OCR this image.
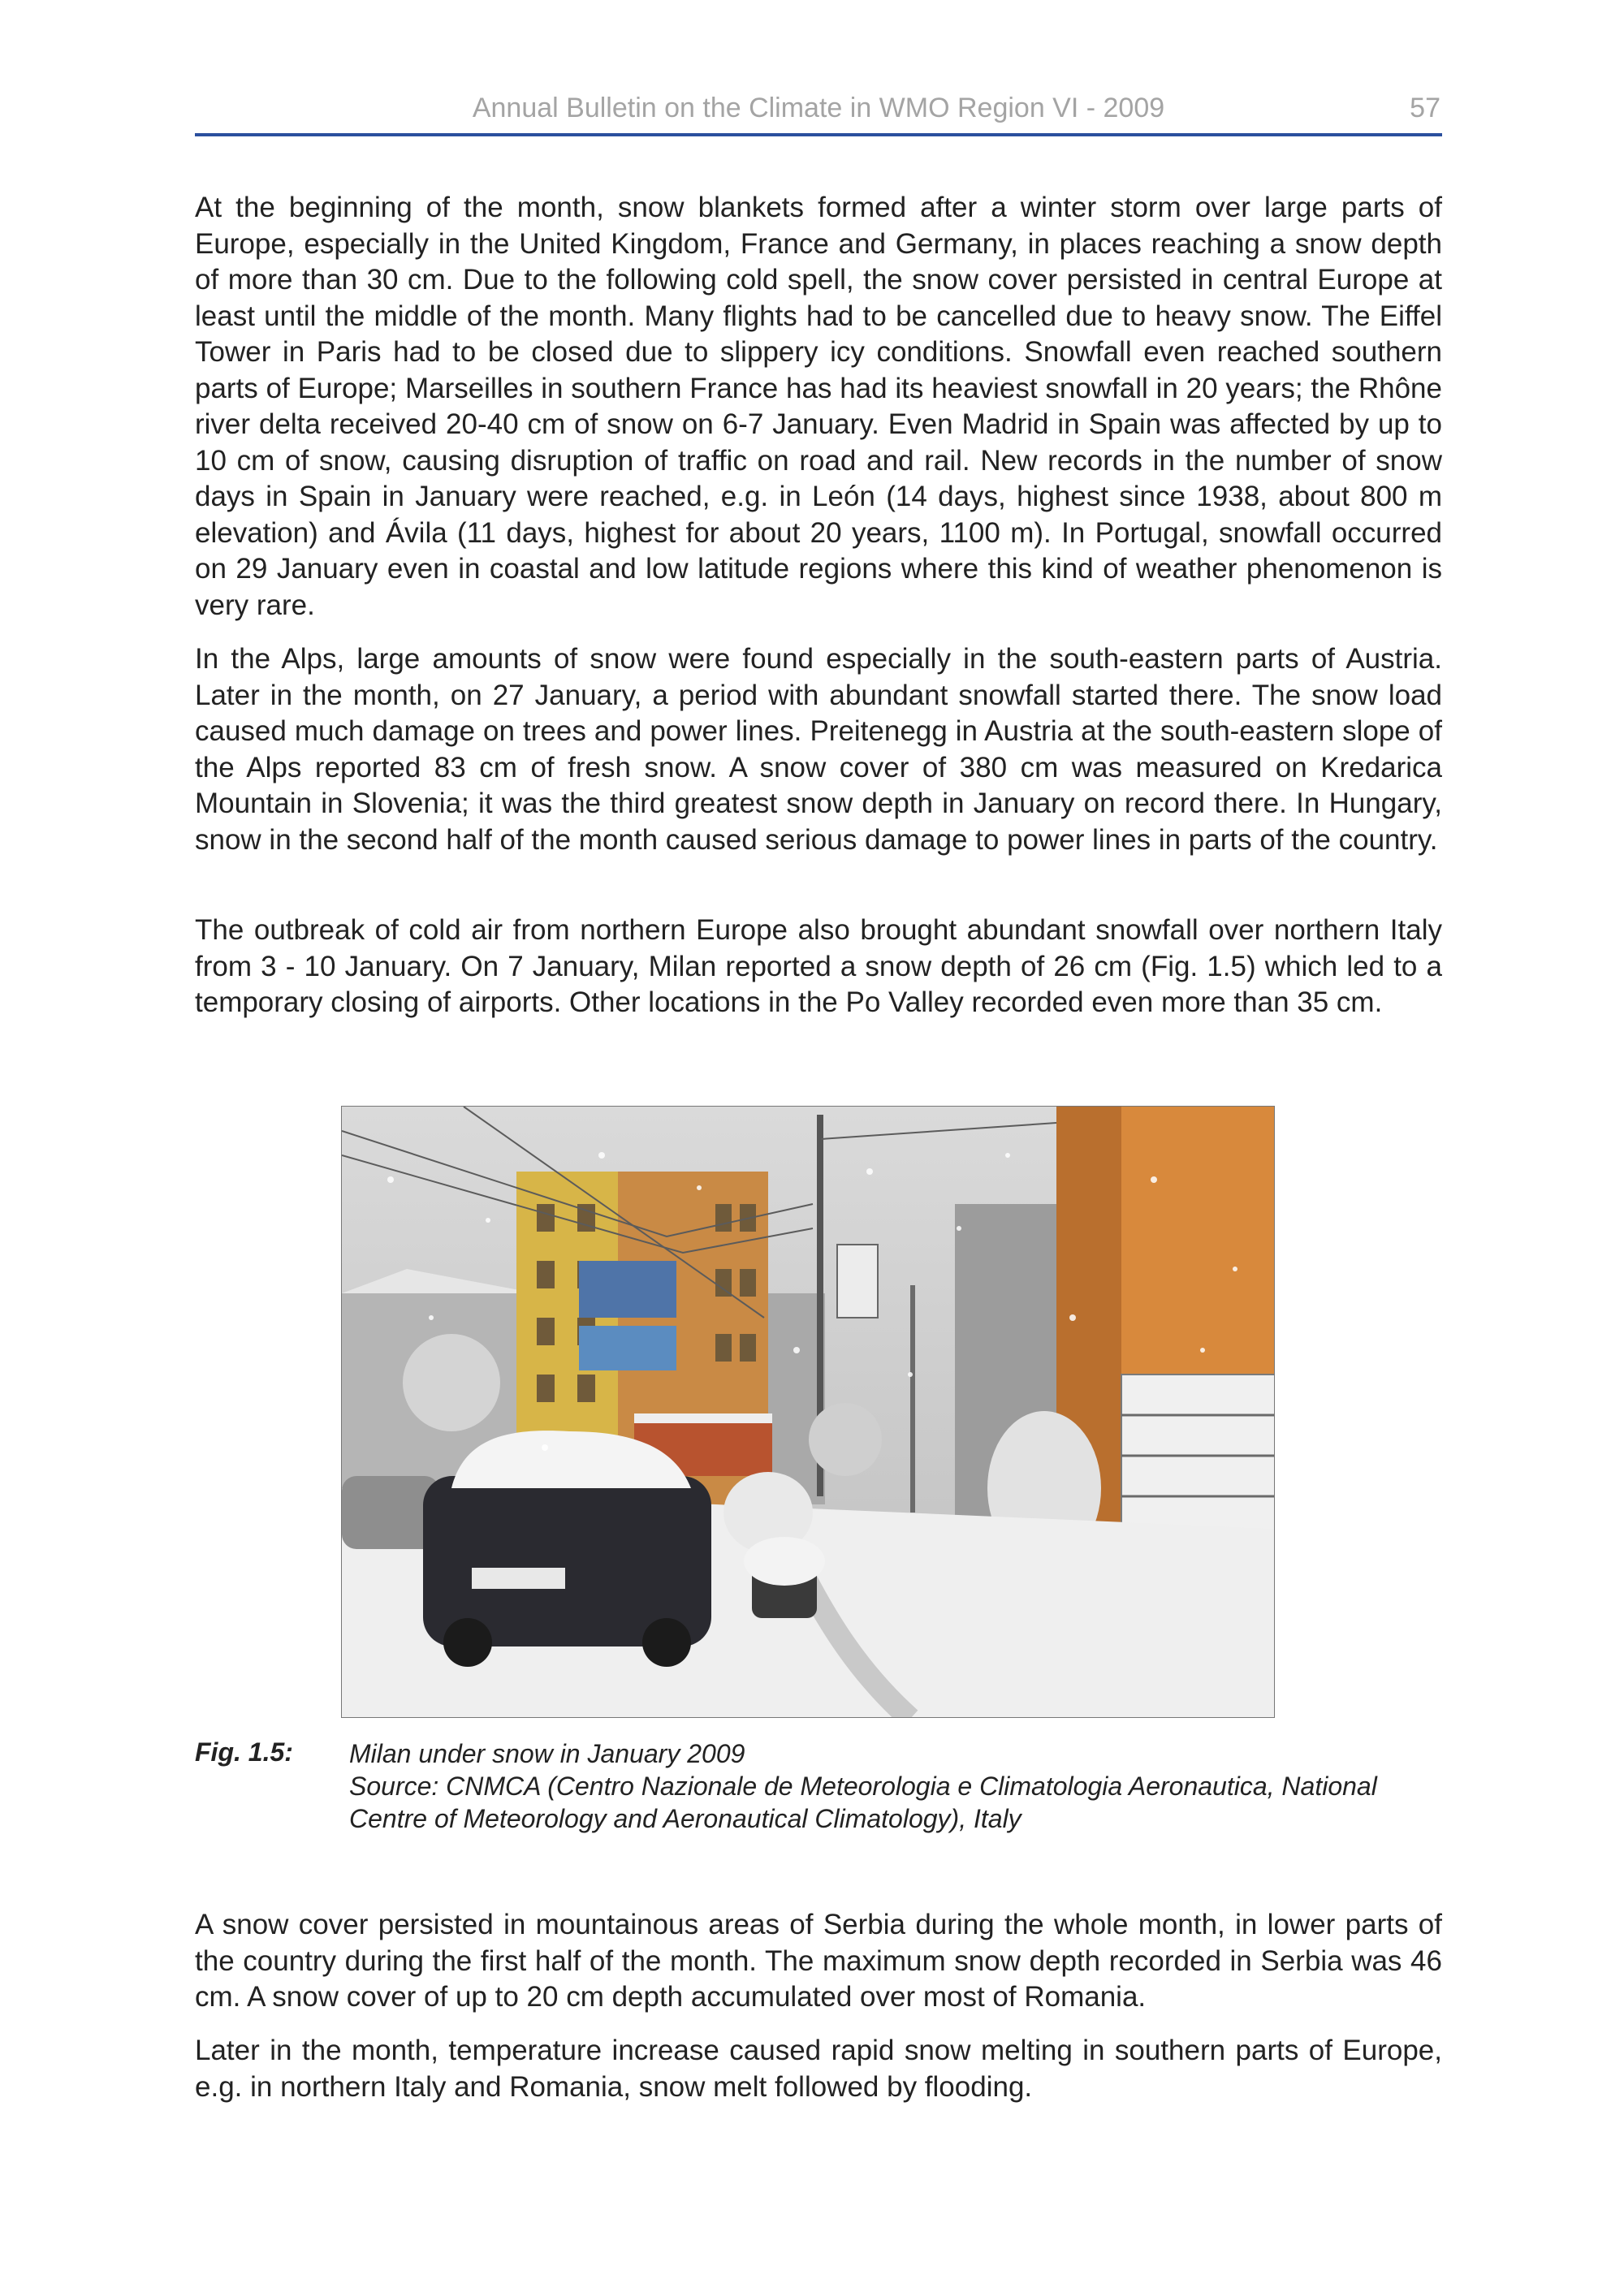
Annual Bulletin on the Climate in WMO Region VI - 2009	57

At the beginning of the month, snow blankets formed after a winter storm over large parts of Europe, especially in the United Kingdom, France and Germany, in places reaching a snow depth of more than 30 cm. Due to the following cold spell, the snow cover persisted in central Europe at least until the middle of the month. Many flights had to be cancelled due to heavy snow. The Eiffel Tower in Paris had to be closed due to slippery icy conditions. Snowfall even reached southern parts of Europe; Marseilles in southern France has had its heaviest snowfall in 20 years; the Rhône river delta received 20-40 cm of snow on 6-7 January. Even Madrid in Spain was affected by up to 10 cm of snow, causing disruption of traffic on road and rail. New records in the number of snow days in Spain in January were reached, e.g. in León (14 days, highest since 1938, about 800 m elevation) and Ávila (11 days, highest for about 20 years, 1100 m). In Portugal, snowfall occurred on 29 January even in coastal and low latitude regions where this kind of weather phenomenon is very rare.

In the Alps, large amounts of snow were found especially in the south-eastern parts of Austria. Later in the month, on 27 January, a period with abundant snowfall started there. The snow load caused much damage on trees and power lines. Preitenegg in Austria at the south-eastern slope of the Alps reported 83 cm of fresh snow. A snow cover of 380 cm was measured on Kredarica Mountain in Slovenia; it was the third greatest snow depth in January on record there. In Hungary, snow in the second half of the month caused serious damage to power lines in parts of the country.

The outbreak of cold air from northern Europe also brought abundant snowfall over northern Italy from 3 - 10 January. On 7 January, Milan reported a snow depth of 26 cm (Fig. 1.5) which led to a temporary closing of airports. Other locations in the Po Valley recorded even more than 35 cm.

Fig. 1.5: Milan under snow in January 2009
Source: CNMCA (Centro Nazionale de Meteorologia e Climatologia Aeronautica, National
Centre of Meteorology and Aeronautical Climatology), Italy

A snow cover persisted in mountainous areas of Serbia during the whole month, in lower parts of the country during the first half of the month. The maximum snow depth recorded in Serbia was 46 cm. A snow cover of up to 20 cm depth accumulated over most of Romania.

Later in the month, temperature increase caused rapid snow melting in southern parts of Europe, e.g. in northern Italy and Romania, snow melt followed by flooding.
